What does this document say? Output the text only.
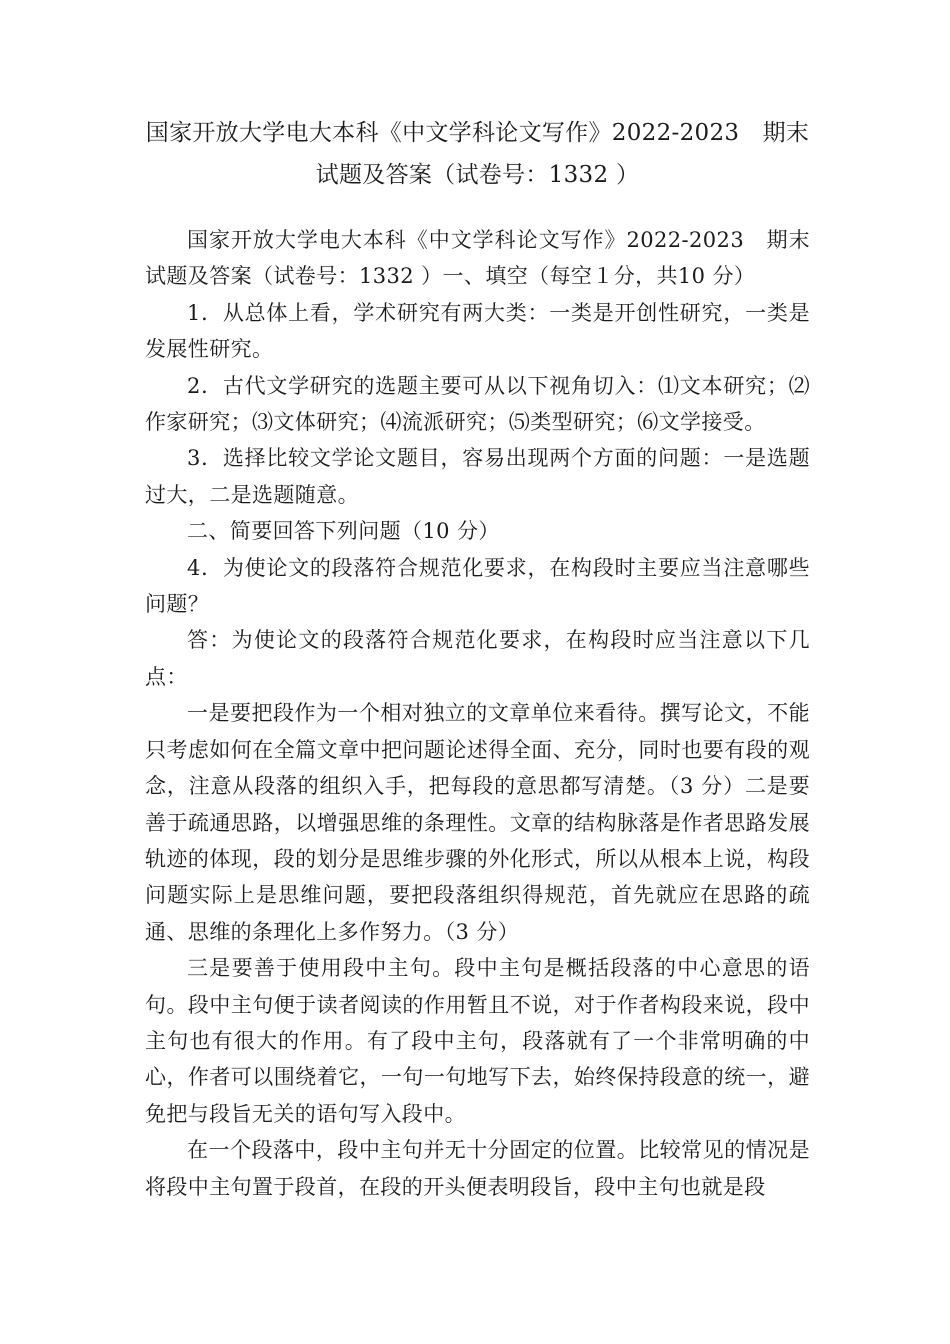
国家开放大学电大本科《中文学科论文写作》2022-2023　期末
试题及答案（试卷号：1332 ）

国家开放大学电大本科《中文学科论文写作》2022-2023　期末试题及答案（试卷号：1332 ）一、填空（每空１分，共10 分）

1．从总体上看，学术研究有两大类：一类是开创性研究，一类是发展性研究。

2．古代文学研究的选题主要可从以下视角切入：⑴文本研究；⑵作家研究；⑶文体研究；⑷流派研究；⑸类型研究；⑹文学接受。

3．选择比较文学论文题目，容易出现两个方面的问题：一是选题过大，二是选题随意。

二、简要回答下列问题（10 分）

4．为使论文的段落符合规范化要求，在构段时主要应当注意哪些问题？

答：为使论文的段落符合规范化要求，在构段时应当注意以下几点：

一是要把段作为一个相对独立的文章单位来看待。撰写论文，不能只考虑如何在全篇文章中把问题论述得全面、充分，同时也要有段的观念，注意从段落的组织入手，把每段的意思都写清楚。（3 分）二是要善于疏通思路，以增强思维的条理性。文章的结构脉落是作者思路发展轨迹的体现，段的划分是思维步骤的外化形式，所以从根本上说，构段问题实际上是思维问题，要把段落组织得规范，首先就应在思路的疏通、思维的条理化上多作努力。（3 分）

三是要善于使用段中主句。段中主句是概括段落的中心意思的语句。段中主句便于读者阅读的作用暂且不说，对于作者构段来说，段中主句也有很大的作用。有了段中主句，段落就有了一个非常明确的中心，作者可以围绕着它，一句一句地写下去，始终保持段意的统一，避免把与段旨无关的语句写入段中。

在一个段落中，段中主句并无十分固定的位置。比较常见的情况是将段中主句置于段首，在段的开头便表明段旨，段中主句也就是段
